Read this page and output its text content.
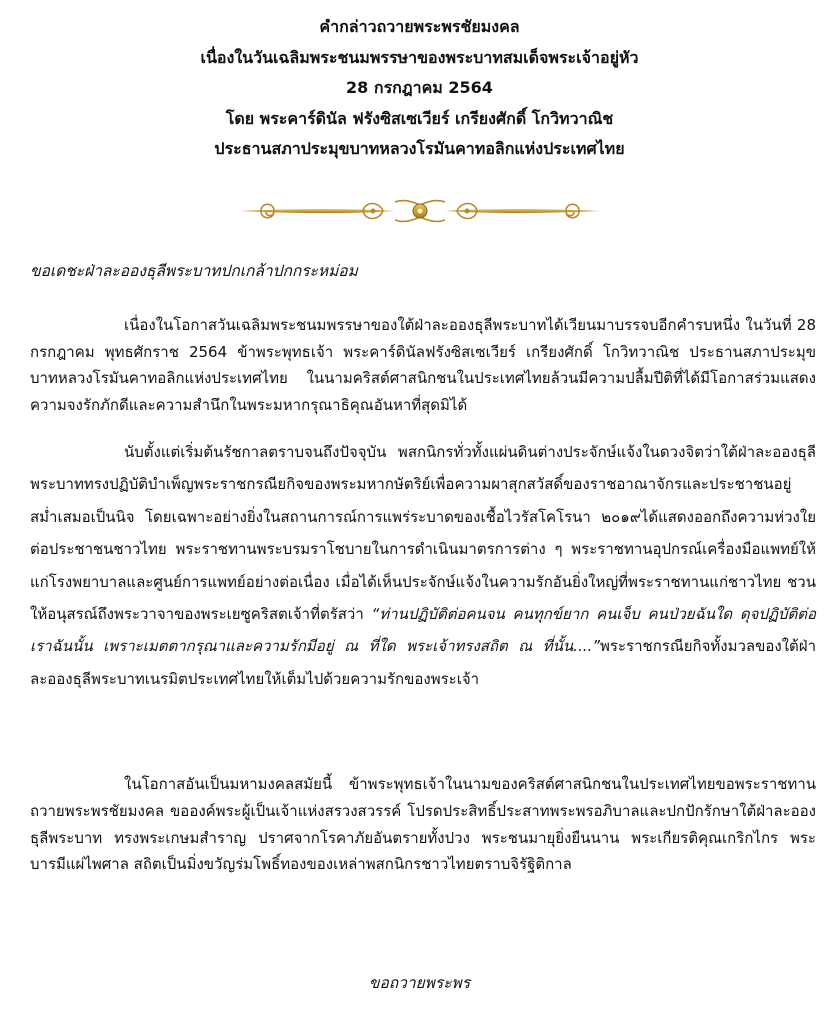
คำกล่าวถวายพระพรชัยมงคล
เนื่องในวันเฉลิมพระชนมพรรษาของพระบาทสมเด็จพระเจ้าอยู่หัว
28 กรกฎาคม 2564
โดย พระคาร์ดินัล ฟรังซิสเซเวียร์ เกรียงศักดิ์ โกวิทวาณิช
ประธานสภาประมุขบาทหลวงโรมันคาทอลิกแห่งประเทศไทย
ขอเดชะฝ่าละอองธุลีพระบาทปกเกล้าปกกระหม่อม

เนื่องในโอกาสวันเฉลิมพระชนมพรรษาของใต้ฝ่าละอองธุลีพระบาทได้เวียนมาบรรจบอีกคำรบหนึ่ง ในวันที่ 28 กรกฎาคม พุทธศักราช 2564 ข้าพระพุทธเจ้า พระคาร์ดินัลฟรังซิสเซเวียร์ เกรียงศักดิ์ โกวิทวาณิช ประธานสภาประมุขบาทหลวงโรมันคาทอลิกแห่งประเทศไทย ในนามคริสต์ศาสนิกชนในประเทศไทยล้วนมีความปลื้มปีติที่ได้มีโอกาสร่วมแสดงความจงรักภักดีและความสำนึกในพระมหากรุณาธิคุณอันหาที่สุดมิได้

นับตั้งแต่เริ่มต้นรัชกาลตราบจนถึงปัจจุบัน พสกนิกรทั่วทั้งแผ่นดินต่างประจักษ์แจ้งในดวงจิตว่าใต้ฝ่าละอองธุลีพระบาททรงปฏิบัติบำเพ็ญพระราชกรณียกิจของพระมหากษัตริย์เพื่อความผาสุกสวัสดิ์ของราชอาณาจักรและประชาชนอยู่สม่ำเสมอเป็นนิจ โดยเฉพาะอย่างยิ่งในสถานการณ์การแพร่ระบาดของเชื้อไวรัสโคโรนา ๒๐๑๙ได้แสดงออกถึงความห่วงใยต่อประชาชนชาวไทย พระราชทานพระบรมราโชบายในการดำเนินมาตรการต่าง ๆ พระราชทานอุปกรณ์เครื่องมือแพทย์ให้แก่โรงพยาบาลและศูนย์การแพทย์อย่างต่อเนื่อง เมื่อได้เห็นประจักษ์แจ้งในความรักอันยิ่งใหญ่ที่พระราชทานแก่ชาวไทย ชวนให้อนุสรณ์ถึงพระวาจาของพระเยซูคริสตเจ้าที่ตรัสว่า “ท่านปฏิบัติต่อคนจน คนทุกข์ยาก คนเจ็บ คนป่วยฉันใด ดุจปฏิบัติต่อเราฉันนั้น เพราะเมตตากรุณาและความรักมีอยู่ ณ ที่ใด พระเจ้าทรงสถิต ณ ที่นั้น....”พระราชกรณียกิจทั้งมวลของใต้ฝ่าละอองธุลีพระบาทเนรมิตประเทศไทยให้เต็มไปด้วยความรักของพระเจ้า

ในโอกาสอันเป็นมหามงคลสมัยนี้ ข้าพระพุทธเจ้าในนามของคริสต์ศาสนิกชนในประเทศไทยขอพระราชทานถวายพระพรชัยมงคล ขอองค์พระผู้เป็นเจ้าแห่งสรวงสวรรค์ โปรดประสิทธิ์ประสาทพระพรอภิบาลและปกปักรักษาใต้ฝ่าละอองธุลีพระบาท ทรงพระเกษมสำราญ ปราศจากโรคาภัยอันตรายทั้งปวง พระชนมายุยิ่งยืนนาน พระเกียรติคุณเกริกไกร พระบารมีแผ่ไพศาล สถิตเป็นมิ่งขวัญร่มโพธิ์ทองของเหล่าพสกนิกรชาวไทยตราบจิรัฐิติกาล

ขอถวายพระพร
